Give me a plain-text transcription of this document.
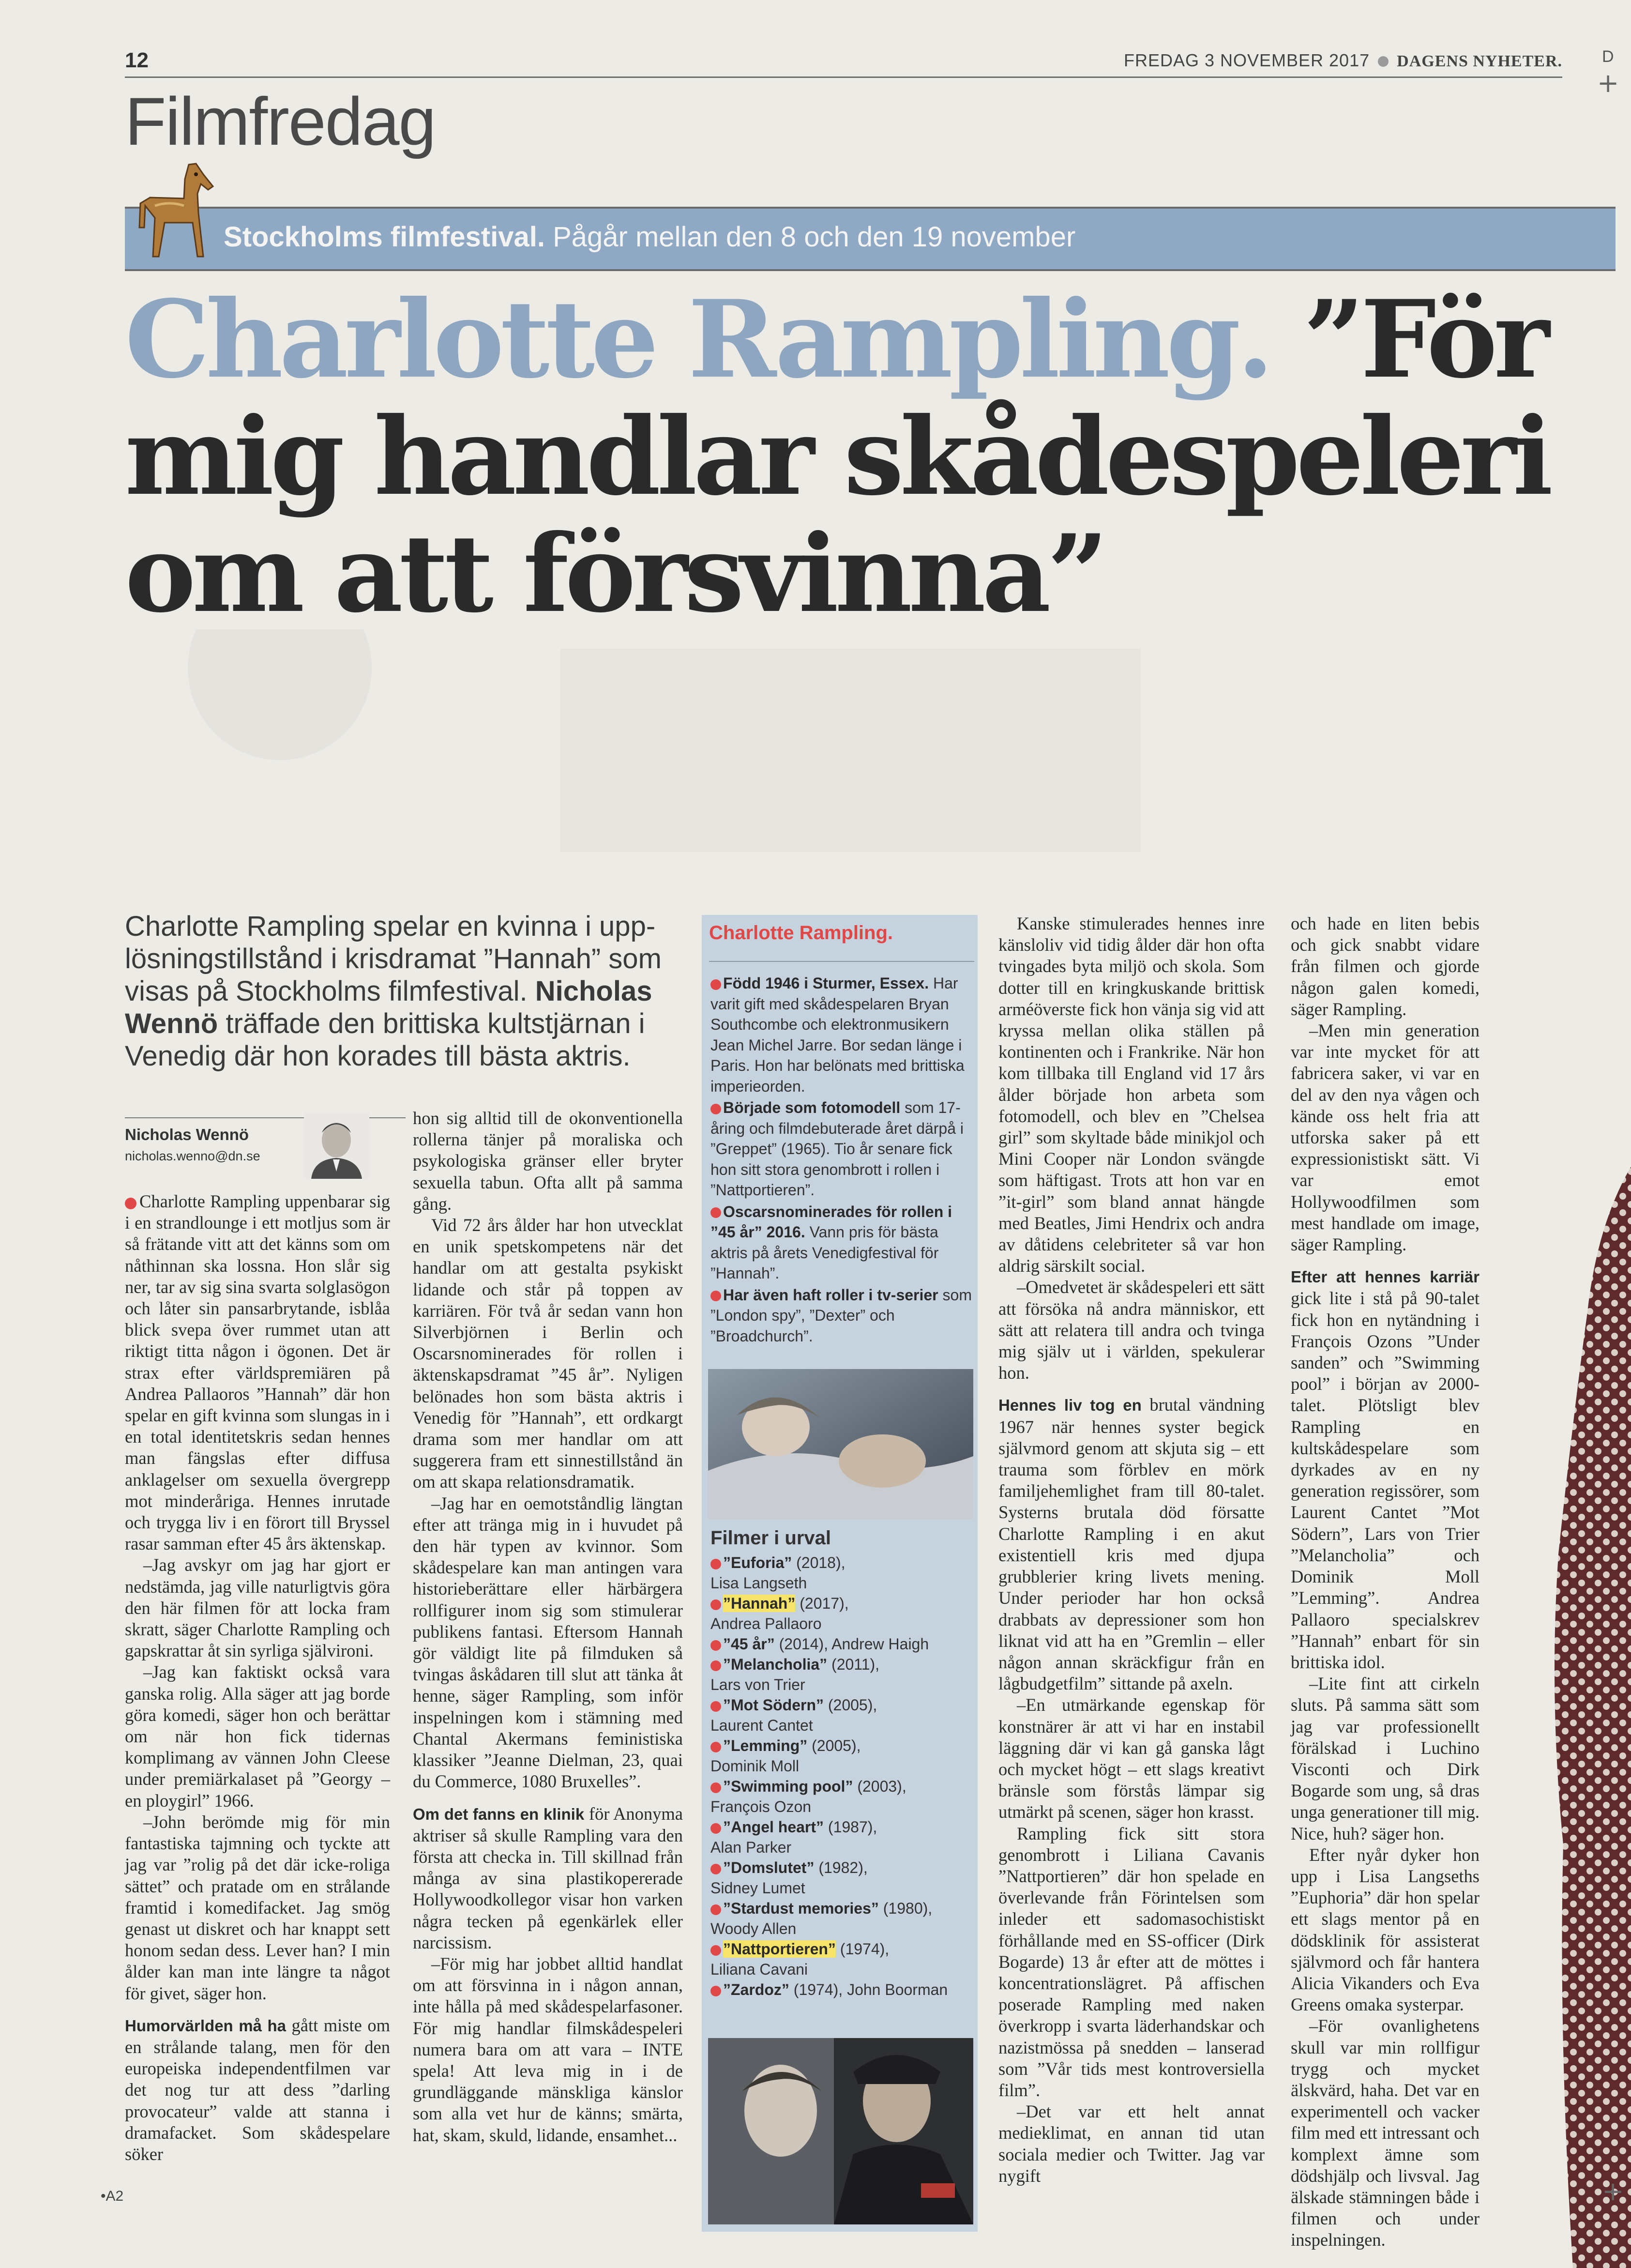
12	FREDAG 3 NOVEMBER 2017 DAGENS NYHETER. D
+
Filmfredag
Stockholms filmfestival. Pågår mellan den 8 och den 19 november
Charlotte Rampling. ”För
mig handlar skådespeleri
om att försvinna”
Charlotte Rampling spelar en kvinna i upplösningstillstånd i krisdramat ”Hannah” som visas på Stockholms filmfestival. Nicholas Wennö träffade den brittiska kultstjärnan i Venedig där hon korades till bästa aktris.
Nicholas Wennö
nicholas.wenno@dn.se

Charlotte Rampling uppenbarar sig i en strandlounge i ett motljus som är så frätande vitt att det känns som om nåthinnan ska lossna. Hon slår sig ner, tar av sig sina svarta solglasögon och låter sin pansarbrytande, isblåa blick svepa över rummet utan att riktigt titta någon i ögonen. Det är strax efter världspremiären på Andrea Pallaoros ”Hannah” där hon spelar en gift kvinna som slungas in i en total identitetskris sedan hennes man fängslas efter diffusa anklagelser om sexuella övergrepp mot minderåriga. Hennes inrutade och trygga liv i en förort till Bryssel rasar samman efter 45 års äktenskap.

–Jag avskyr om jag har gjort er nedstämda, jag ville naturligtvis göra den här filmen för att locka fram skratt, säger Charlotte Rampling och gapskrattar åt sin syrliga självironi.

–Jag kan faktiskt också vara ganska rolig. Alla säger att jag borde göra komedi, säger hon och berättar om när hon fick tidernas komplimang av vännen John Cleese under premiärkalaset på ”Georgy – en ploygirl” 1966.

–John berömde mig för min fantastiska tajmning och tyckte att jag var ”rolig på det där icke-roliga sättet” och pratade om en strålande framtid i komedifacket. Jag smög genast ut diskret och har knappt sett honom sedan dess. Lever han? I min ålder kan man inte längre ta något för givet, säger hon.

Humorvärlden må ha gått miste om en strålande talang, men för den europeiska independentfilmen var det nog tur att dess ”darling provocateur” valde att stanna i dramafacket. Som skådespelare söker

hon sig alltid till de okonventionella rollerna tänjer på moraliska och psykologiska gränser eller bryter sexuella tabun. Ofta allt på samma gång.

Vid 72 års ålder har hon utvecklat en unik spetskompetens när det handlar om att gestalta psykiskt lidande och står på toppen av karriären. För två år sedan vann hon Silverbjörnen i Berlin och Oscarsnominerades för rollen i äktenskapsdramat ”45 år”. Nyligen belönades hon som bästa aktris i Venedig för ”Hannah”, ett ordkargt drama som mer handlar om att suggerera fram ett sinnestillstånd än om att skapa relationsdramatik.

–Jag har en oemotståndlig längtan efter att tränga mig in i huvudet på den här typen av kvinnor. Som skådespelare kan man antingen vara historieberättare eller härbärgera rollfigurer inom sig som stimulerar publikens fantasi. Eftersom Hannah gör väldigt lite på filmduken så tvingas åskådaren till slut att tänka åt henne, säger Rampling, som inför inspelningen kom i stämning med Chantal Akermans feministiska klassiker ”Jeanne Dielman, 23, quai du Commerce, 1080 Bruxelles”.

Om det fanns en klinik för Anonyma aktriser så skulle Rampling vara den första att checka in. Till skillnad från många av sina plastikopererade Hollywoodkollegor visar hon varken några tecken på egenkärlek eller narcissism.

–För mig har jobbet alltid handlat om att försvinna in i någon annan, inte hålla på med skådespelarfasoner. För mig handlar filmskådespeleri numera bara om att vara – INTE spela! Att leva mig in i de grundläggande mänskliga känslor som alla vet hur de känns; smärta, hat, skam, skuld, lidande, ensamhet...

Charlotte Rampling.

Född 1946 i Sturmer, Essex. Har varit gift med skådespelaren Bryan Southcombe och elektronmusikern Jean Michel Jarre. Bor sedan länge i Paris. Hon har belönats med brittiska imperieorden.

Började som fotomodell som 17-åring och filmdebuterade året därpå i ”Greppet” (1965). Tio år senare fick hon sitt stora genombrott i rollen i ”Nattportieren”.

Oscarsnominerades för rollen i ”45 år” 2016. Vann pris för bästa aktris på årets Venedigfestival för ”Hannah”.

Har även haft roller i tv-serier som ”London spy”, ”Dexter” och ”Broadchurch”.

Filmer i urval

”Euforia” (2018),
Lisa Langseth

”Hannah” (2017),
Andrea Pallaoro

”45 år” (2014), Andrew Haigh

”Melancholia” (2011),
Lars von Trier

”Mot Södern” (2005),
Laurent Cantet

”Lemming” (2005),
Dominik Moll

”Swimming pool” (2003),
François Ozon

”Angel heart” (1987),
Alan Parker

”Domslutet” (1982),
Sidney Lumet

”Stardust memories” (1980),
Woody Allen

”Nattportieren” (1974),
Liliana Cavani

”Zardoz” (1974), John Boorman

Kanske stimulerades hennes inre känsloliv vid tidig ålder där hon ofta tvingades byta miljö och skola. Som dotter till en kringkuskande brittisk arméöverste fick hon vänja sig vid att kryssa mellan olika ställen på kontinenten och i Frankrike. När hon kom tillbaka till England vid 17 års ålder började hon arbeta som fotomodell, och blev en ”Chelsea girl” som skyltade både minikjol och Mini Cooper när London svängde som häftigast. Trots att hon var en ”it-girl” som bland annat hängde med Beatles, Jimi Hendrix och andra av dåtidens celebriteter så var hon aldrig särskilt social.

–Omedvetet är skådespeleri ett sätt att försöka nå andra människor, ett sätt att relatera till andra och tvinga mig själv ut i världen, spekulerar hon.

Hennes liv tog en brutal vändning 1967 när hennes syster begick självmord genom att skjuta sig – ett trauma som förblev en mörk familjehemlighet fram till 80-talet. Systerns brutala död försatte Charlotte Rampling i en akut existentiell kris med djupa grubblerier kring livets mening. Under perioder har hon också drabbats av depressioner som hon liknat vid att ha en ”Gremlin – eller någon annan skräckfigur från en lågbudgetfilm” sittande på axeln.

–En utmärkande egenskap för konstnärer är att vi har en instabil läggning där vi kan gå ganska lågt och mycket högt – ett slags kreativt bränsle som förstås lämpar sig utmärkt på scenen, säger hon krasst.

Rampling fick sitt stora genombrott i Liliana Cavanis ”Nattportieren” där hon spelade en överlevande från Förintelsen som inleder ett sadomasochistiskt förhållande med en SS-officer (Dirk Bogarde) 13 år efter att de möttes i koncentrationslägret. På affischen poserade Rampling med naken överkropp i svarta läderhandskar och nazistmössa på snedden – lanserad som ”Vår tids mest kontroversiella film”.

–Det var ett helt annat medieklimat, en annan tid utan sociala medier och Twitter. Jag var nygift

och hade en liten bebis och gick snabbt vidare från filmen och gjorde någon galen komedi, säger Rampling.

–Men min generation var inte mycket för att fabricera saker, vi var en del av den nya vågen och kände oss helt fria att utforska saker på ett expressionistiskt sätt. Vi var emot Hollywoodfilmen som mest handlade om image, säger Rampling.

Efter att hennes karriär gick lite i stå på 90-talet fick hon en nytändning i François Ozons ”Under sanden” och ”Swimming pool” i början av 2000-talet. Plötsligt blev Rampling en kultskådespelare som dyrkades av en ny generation regissörer, som Laurent Cantet ”Mot Södern”, Lars von Trier ”Melancholia” och Dominik Moll ”Lemming”. Andrea Pallaoro specialskrev ”Hannah” enbart för sin brittiska idol.

–Lite fint att cirkeln sluts. På samma sätt som jag var professionellt förälskad i Luchino Visconti och Dirk Bogarde som ung, så dras unga generationer till mig. Nice, huh? säger hon.

Efter nyår dyker hon upp i Lisa Langseths ”Euphoria” där hon spelar ett slags mentor på en dödsklinik för assisterat självmord och får hantera Alicia Vikanders och Eva Greens omaka systerpar.

–För ovanlighetens skull var min rollfigur trygg och mycket älskvärd, haha. Det var en experimentell och vacker film med ett intressant och komplext ämne som dödshjälp och livsval. Jag älskade stämningen både i filmen och under inspelningen.

•A2	+
